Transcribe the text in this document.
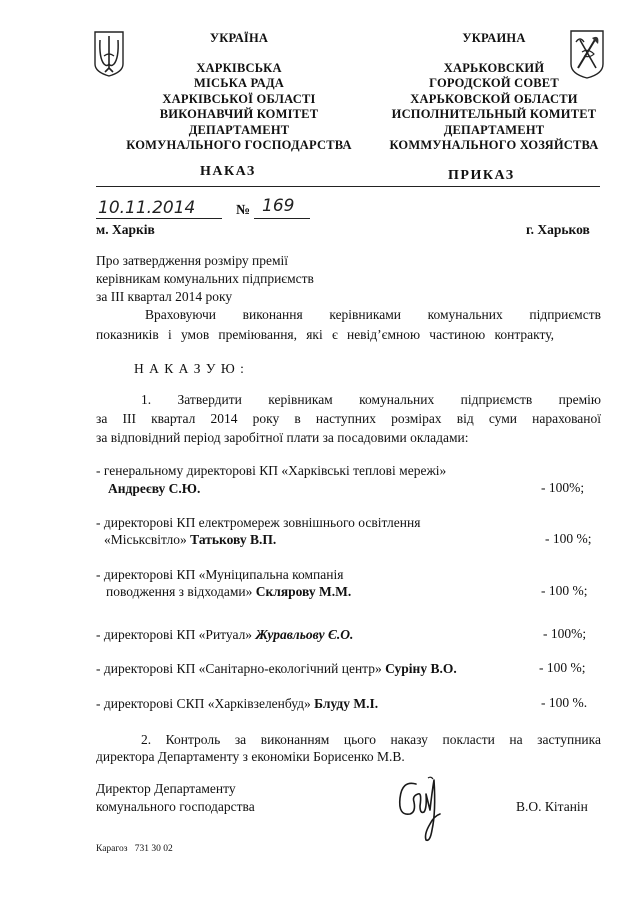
УКРАЇНА
ХАРКІВСЬКА
МІСЬКА РАДА
ХАРКІВСЬКОЇ ОБЛАСТІ
ВИКОНАВЧИЙ КОМІТЕТ
ДЕПАРТАМЕНТ
КОМУНАЛЬНОГО ГОСПОДАРСТВА
УКРАИНА
ХАРЬКОВСКИЙ
ГОРОДСКОЙ СОВЕТ
ХАРЬКОВСКОЙ ОБЛАСТИ
ИСПОЛНИТЕЛЬНЫЙ КОМИТЕТ
ДЕПАРТАМЕНТ
КОММУНАЛЬНОГО ХОЗЯЙСТВА
НАКАЗ	ПРИКАЗ
10.11.2014	№ 169
м. Харків	г. Харьков
Про затвердження розміру премії
керівникам комунальних підприємств
за ІІІ квартал 2014 року
Враховуючи виконання керівниками комунальних підприємств
показників і умов преміювання, які є невід’ємною частиною контракту,
Н А К А З У Ю :
1. Затвердити керівникам комунальних підприємств премію
за ІІІ квартал 2014 року в наступних розмірах від суми нарахованої
за відповідний період заробітної плати за посадовими окладами:
- генеральному директорові КП «Харківські теплові мережі»
Андреєву С.Ю.	- 100%;
- директорові КП електромереж зовнішнього освітлення
«Міськсвітло» Татькову В.П.	- 100 %;
- директорові КП «Муніципальна компанія
поводження з відходами» Склярову М.М.	- 100 %;
- директорові КП «Ритуал» Журавльову Є.О.	- 100%;
- директорові КП «Санітарно-екологічний центр» Суріну В.О.	- 100 %;
- директорові СКП «Харківзеленбуд» Блуду М.І.	- 100 %.
2. Контроль за виконанням цього наказу покласти на заступника
директора Департаменту з економіки Борисенко М.В.
Директор Департаменту
комунального господарства	В.О. Кітанін
Карагоз 731 30 02
